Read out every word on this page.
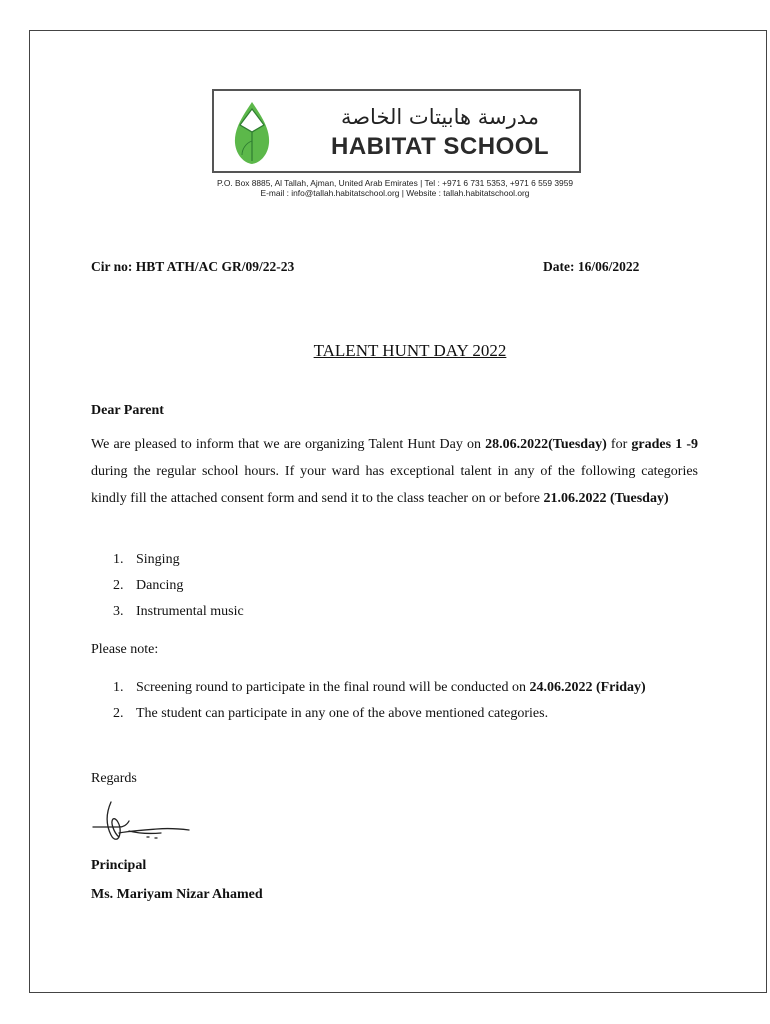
مدرسة هابيتات الخاصة
HABITAT SCHOOL
P.O. Box 8885, Al Tallah, Ajman, United Arab Emirates | Tel : +971 6 731 5353, +971 6 559 3959
E-mail : info@tallah.habitatschool.org | Website : tallah.habitatschool.org
Cir no: HBT ATH/AC GR/09/22-23	Date: 16/06/2022
TALENT HUNT DAY 2022
Dear Parent

We are pleased to inform that we are organizing Talent Hunt Day on 28.06.2022(Tuesday) for grades 1 -9 during the regular school hours. If your ward has exceptional talent in any of the following categories kindly fill the attached consent form and send it to the class teacher on or before 21.06.2022 (Tuesday)

1. Singing
2. Dancing
3. Instrumental music
Please note:
1. Screening round to participate in the final round will be conducted on 24.06.2022 (Friday)
2. The student can participate in any one of the above mentioned categories.
Regards
Principal
Ms. Mariyam Nizar Ahamed
